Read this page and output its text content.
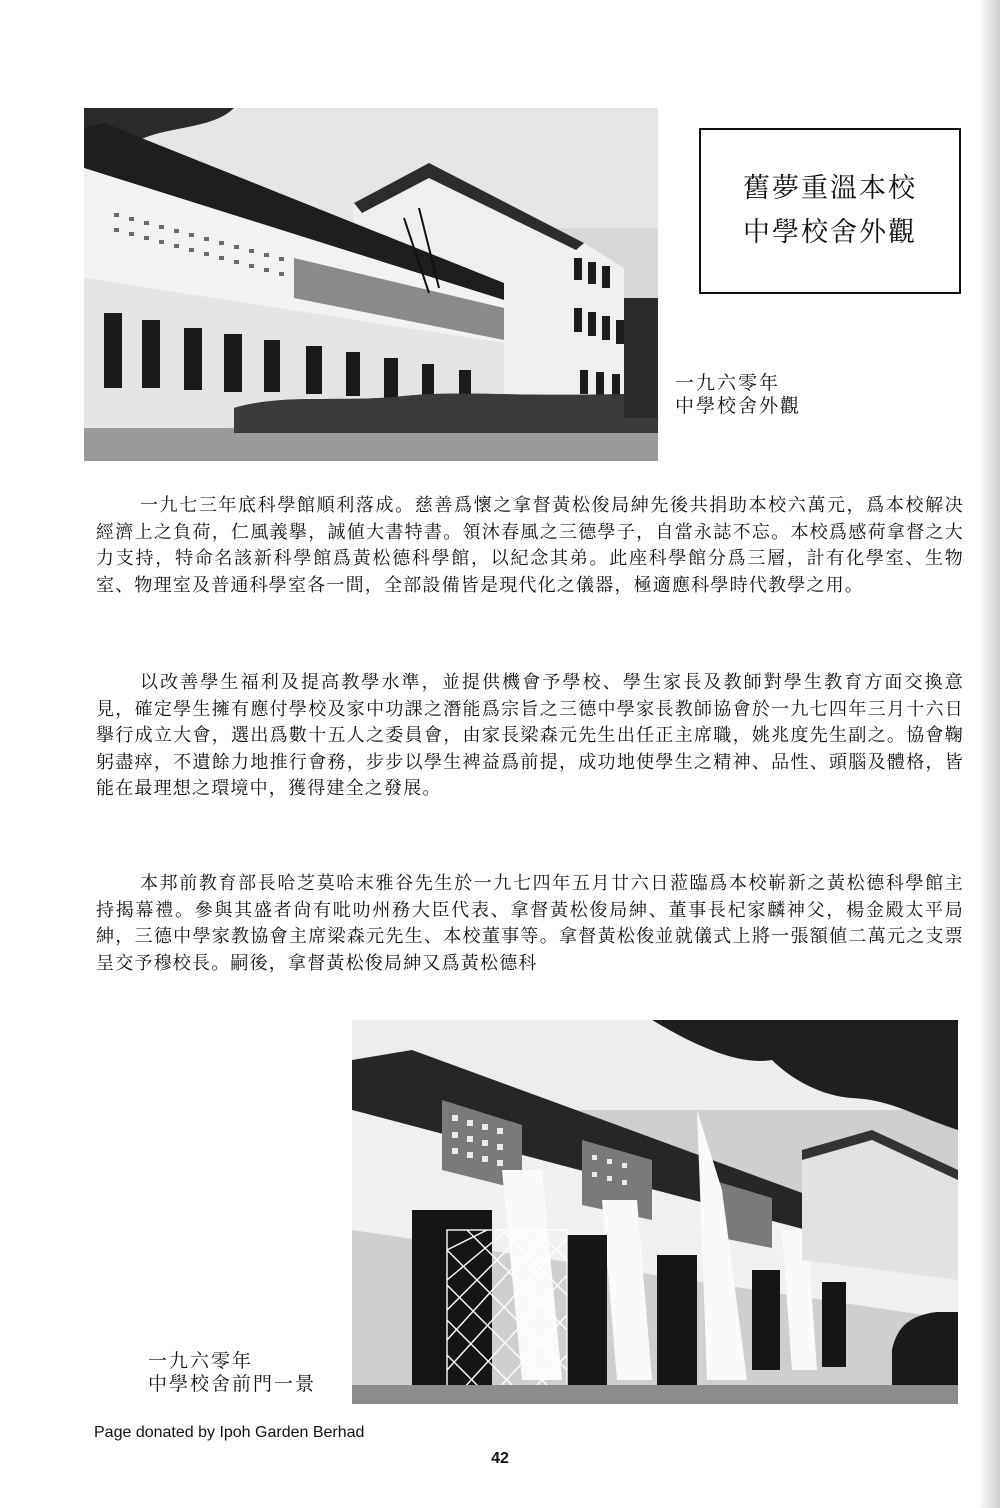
舊夢重溫本校
中學校舍外觀
一九六零年
中學校舍外觀

一九七三年底科學館順利落成。慈善爲懷之拿督黃松俊局紳先後共捐助本校六萬元，爲本校解决經濟上之負荷，仁風義擧，誠値大書特書。領沐春風之三德學子，自當永誌不忘。本校爲感荷拿督之大力支持，特命名該新科學館爲黃松德科學館，以紀念其弟。此座科學館分爲三層，計有化學室、生物室、物理室及普通科學室各一間，全部設備皆是現代化之儀器，極適應科學時代教學之用。

以改善學生福利及提高教學水準，並提供機會予學校、學生家長及教師對學生教育方面交換意見，確定學生擁有應付學校及家中功課之潛能爲宗旨之三德中學家長教師協會於一九七四年三月十六日擧行成立大會，選出爲數十五人之委員會，由家長梁森元先生出任正主席職，姚兆度先生副之。協會鞠躬盡瘁，不遺餘力地推行會務，步步以學生裨益爲前提，成功地使學生之精神、品性、頭腦及體格，皆能在最理想之環境中，獲得建全之發展。

本邦前教育部長哈芝莫哈末雅谷先生於一九七四年五月廿六日蒞臨爲本校嶄新之黃松德科學館主持揭幕禮。參與其盛者尙有吡叻州務大臣代表、拿督黃松俊局紳、董事長杞家麟神父，楊金殿太平局紳，三德中學家教協會主席梁森元先生、本校董事等。拿督黃松俊並就儀式上將一張額値二萬元之支票呈交予穆校長。嗣後，拿督黃松俊局紳又爲黃松德科

一九六零年
中學校舍前門一景
Page donated by Ipoh Garden Berhad
42
